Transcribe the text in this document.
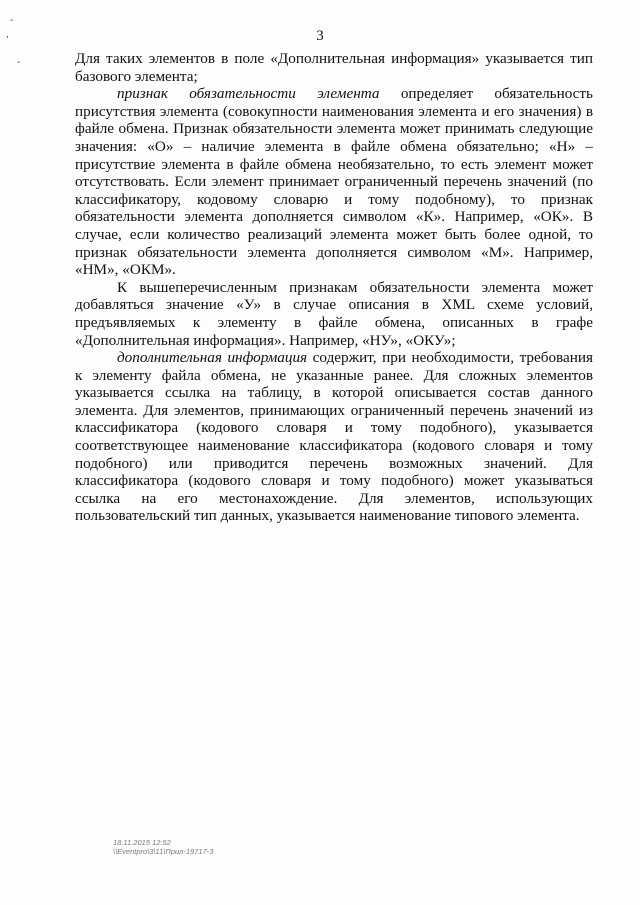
-
,
-
3

Для таких элементов в поле «Дополнительная информация» указывается тип базового элемента;

признак обязательности элемента определяет обязательность присутствия элемента (совокупности наименования элемента и его значения) в файле обмена. Признак обязательности элемента может принимать следующие значения: «О» – наличие элемента в файле обмена обязательно; «Н» – присутствие элемента в файле обмена необязательно, то есть элемент может отсутствовать. Если элемент принимает ограниченный перечень значений (по классификатору, кодовому словарю и тому подобному), то признак обязательности элемента дополняется символом «К». Например, «ОК». В случае, если количество реализаций элемента может быть более одной, то признак обязательности элемента дополняется символом «М». Например, «НМ», «ОКМ».

К вышеперечисленным признакам обязательности элемента может добавляться значение «У» в случае описания в XML схеме условий, предъявляемых к элементу в файле обмена, описанных в графе «Дополнительная информация». Например, «НУ», «ОКУ»;

дополнительная информация содержит, при необходимости, требования к элементу файла обмена, не указанные ранее. Для сложных элементов указывается ссылка на таблицу, в которой описывается состав данного элемента. Для элементов, принимающих ограниченный перечень значений из классификатора (кодового словаря и тому подобного), указывается соответствующее наименование классификатора (кодового словаря и тому подобного) или приводится перечень возможных значений. Для классификатора (кодового словаря и тому подобного) может указываться ссылка на его местонахождение. Для элементов, использующих пользовательский тип данных, указывается наименование типового элемента.

18.11.2015 12:52
\\Eventpro\3\11\Прил-19717-3
